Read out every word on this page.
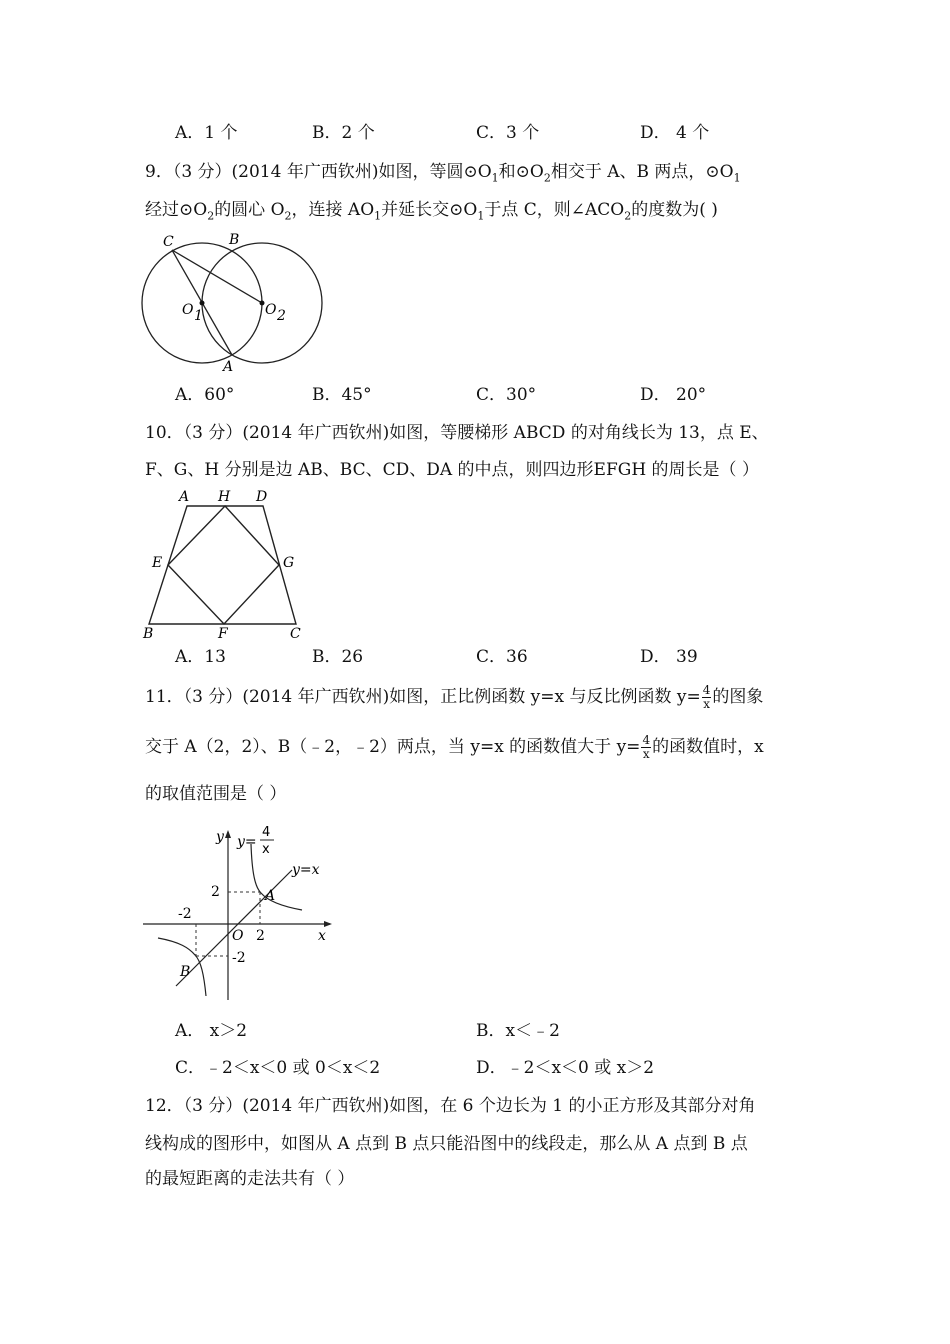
A．1 个	B．2 个	C．3 个	D． 4 个
9．（3 分）(2014 年广西钦州)如图，等圆$⊙O_1$和$⊙O_2$相交于 A、B 两点，$⊙O_1$
经过$⊙O_2$的圆心 $O_2$，连接 $AO_1$并延长交$⊙O_1$于点 C，则$\angle ACO_2$的度数为( )
C	B
O 1	O 2
A
A．60°	B．45°	C．30°	D． 20°
10．（3 分）(2014 年广西钦州)如图，等腰梯形 ABCD 的对角线长为 13，点 E、
F、G、H 分别是边 AB、BC、CD、DA 的中点，则四边形EFGH 的周长是（ ）
A H D
E	G
B	F	C
A．13	B．26	C．36	D． 39
11．（3 分）(2014 年广西钦州)如图，正比例函数 y=x 与反比例函数 $y= \frac{4}{x}$ 的图象
交于 A（2，2）、B（﹣2，﹣2）两点，当 y=x 的函数值大于 $y= \frac{4}{x}$ 的函数值时，x
的取值范围是（ ）
y y=
4
x
y=x
2	A
-2
O 2	x
-2
B
A． x＞2	B．x＜﹣2
C．﹣2＜x＜0 或 0＜x＜2	D．﹣2＜x＜0 或 x＞2
12．（3 分）(2014 年广西钦州)如图，在 6 个边长为 1 的小正方形及其部分对角
线构成的图形中，如图从 A 点到 B 点只能沿图中的线段走，那么从 A 点到 B 点
的最短距离的走法共有（ ）
